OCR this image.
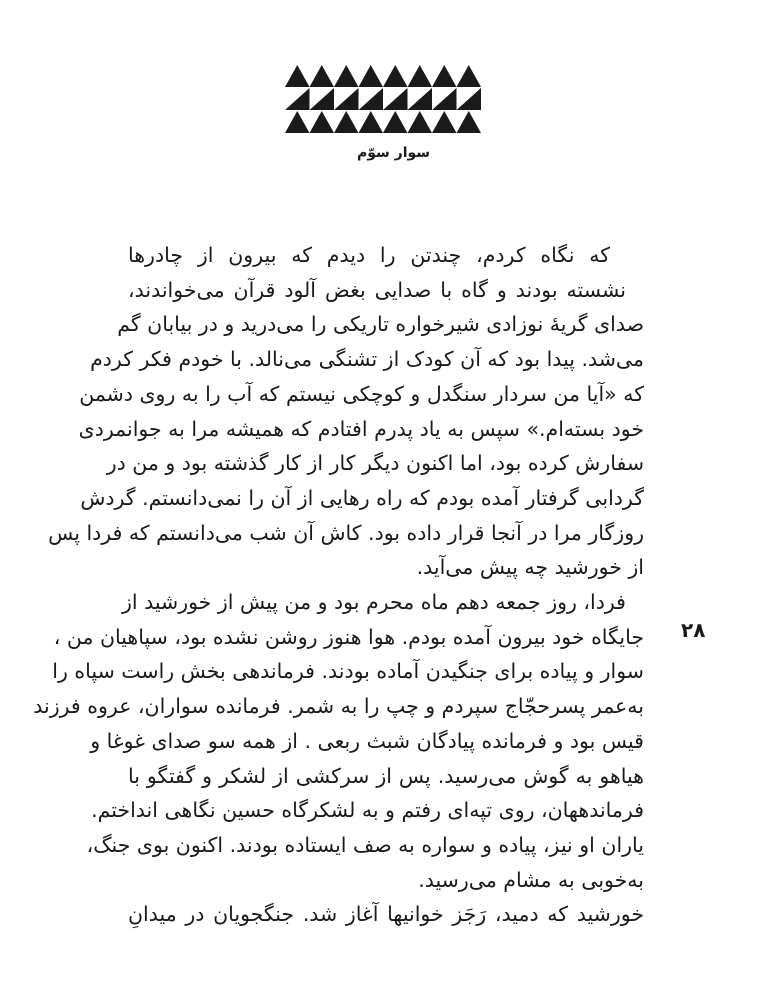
سوار سوّم
که نگاه کردم، چندتن را دیدم که بیرون از چادرها
نشسته بودند و گاه با صدایی بغض آلود قرآن می‌خواندند،
صدای گریهٔ نوزادی شیرخواره تاریکی را می‌درید و در بیابان گم
می‌شد. پیدا بود که آن کودک از تشنگی می‌نالد. با خودم فکر کردم
که «آیا من سردار سنگدل و کوچکی نیستم که آب را به روی دشمن
خود بسته‌ام.» سپس به یاد پدرم افتادم که همیشه مرا به جوانمردی
سفارش کرده بود، اما اکنون دیگر کار از کار گذشته بود و من در
گردابی گرفتار آمده بودم که راه رهایی از آن را نمی‌دانستم. گردش
روزگار مرا در آنجا قرار داده بود. کاش آن شب می‌دانستم که فردا پس
از خورشید چه پیش می‌آید.
فردا، روز جمعه دهم ماه محرم بود و من پیش از خورشید از
جایگاه خود بیرون آمده بودم. هوا هنوز روشن نشده بود، سپاهیان من ،
سوار و پیاده برای جنگیدن آماده بودند. فرماندهی بخش راست سپاه را
به‌عمر پسرحجّاج سپردم و چپ را به شمر. فرمانده سواران، عروه فرزند
قیس بود و فرمانده پیادگان شبث ربعی . از همه سو صدای غوغا و
هیاهو به گوش می‌رسید. پس از سرکشی از لشکر و گفتگو با
فرماندههان، روی تپه‌ای رفتم و به لشکرگاه حسین نگاهی انداختم.
یاران او نیز، پیاده و سواره به صف ایستاده بودند. اکنون بوی جنگ،
به‌خوبی به مشام می‌رسید.
خورشید که دمید، رَجَز خوانیها آغاز شد. جنگجویان در میدانِ
۲۸
